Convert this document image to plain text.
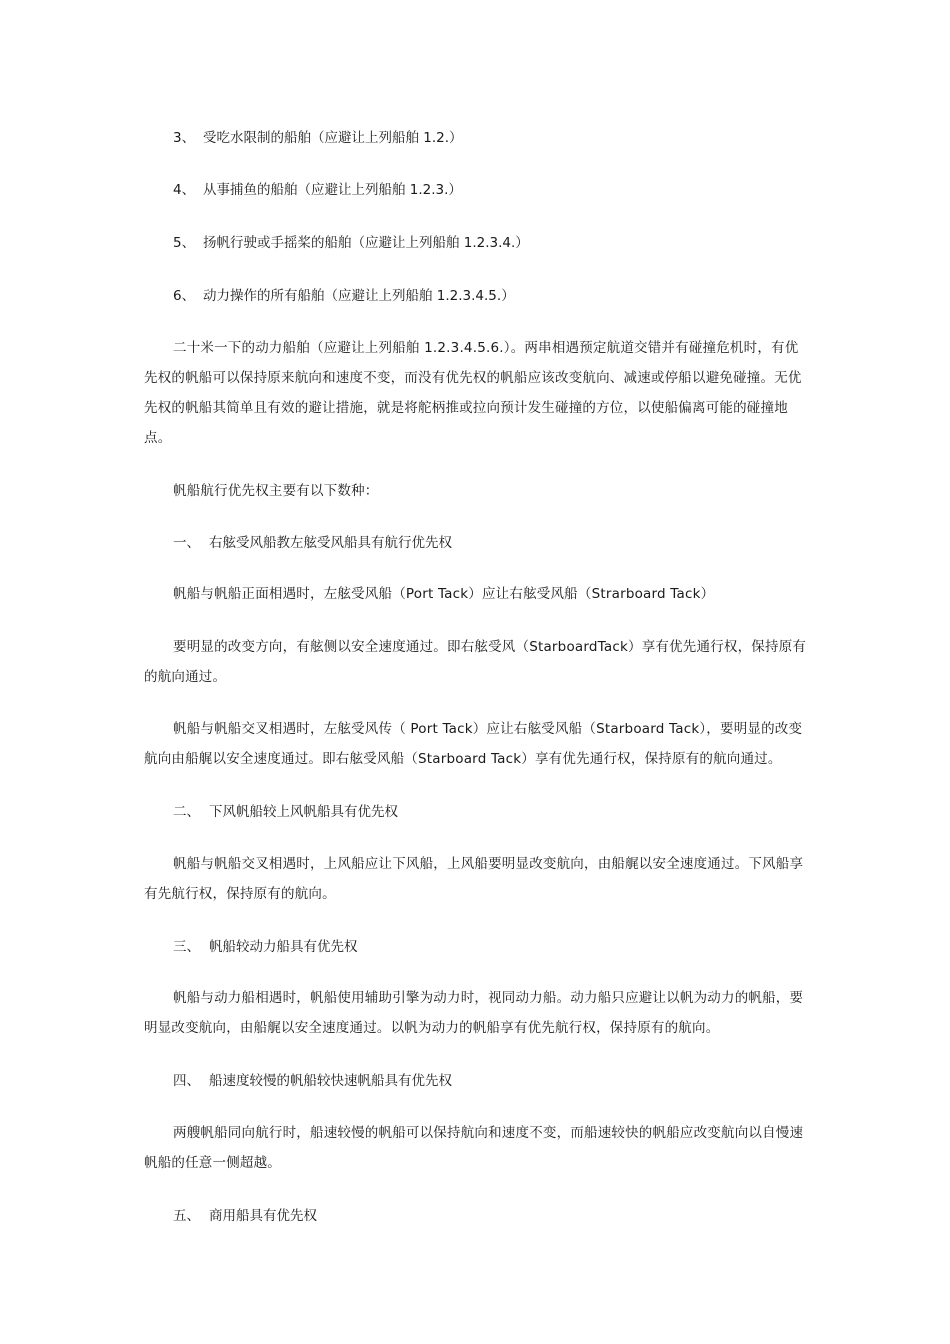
3、 受吃水限制的船舶（应避让上列船舶 1.2.）
4、 从事捕鱼的船舶（应避让上列船舶 1.2.3.）
5、 扬帆行驶或手摇桨的船舶（应避让上列船舶 1.2.3.4.）
6、 动力操作的所有船舶（应避让上列船舶 1.2.3.4.5.）

二十米一下的动力船舶（应避让上列船舶 1.2.3.4.5.6.）。两串相遇预定航道交错并有碰撞危机时，有优先权的帆船可以保持原来航向和速度不变，而没有优先权的帆船应该改变航向、减速或停船以避免碰撞。无优先权的帆船其简单且有效的避让措施，就是将舵柄推或拉向预计发生碰撞的方位，以使船偏离可能的碰撞地点。

帆船航行优先权主要有以下数种：

一、 右舷受风船教左舷受风船具有航行优先权

帆船与帆船正面相遇时，左舷受风船（Port Tack）应让右舷受风船（Strarboard Tack）

要明显的改变方向，有舷侧以安全速度通过。即右舷受风（StarboardTack）享有优先通行权，保持原有的航向通过。

帆船与帆船交叉相遇时，左舷受风传（ Port Tack）应让右舷受风船（Starboard Tack），要明显的改变航向由船艉以安全速度通过。即右舷受风船（Starboard Tack）享有优先通行权，保持原有的航向通过。

二、 下风帆船较上风帆船具有优先权

帆船与帆船交叉相遇时，上风船应让下风船，上风船要明显改变航向，由船艉以安全速度通过。下风船享有先航行权，保持原有的航向。

三、 帆船较动力船具有优先权

帆船与动力船相遇时，帆船使用辅助引擎为动力时，视同动力船。动力船只应避让以帆为动力的帆船，要明显改变航向，由船艉以安全速度通过。以帆为动力的帆船享有优先航行权，保持原有的航向。

四、 船速度较慢的帆船较快速帆船具有优先权

两艘帆船同向航行时，船速较慢的帆船可以保持航向和速度不变，而船速较快的帆船应改变航向以自慢速帆船的任意一侧超越。

五、 商用船具有优先权
